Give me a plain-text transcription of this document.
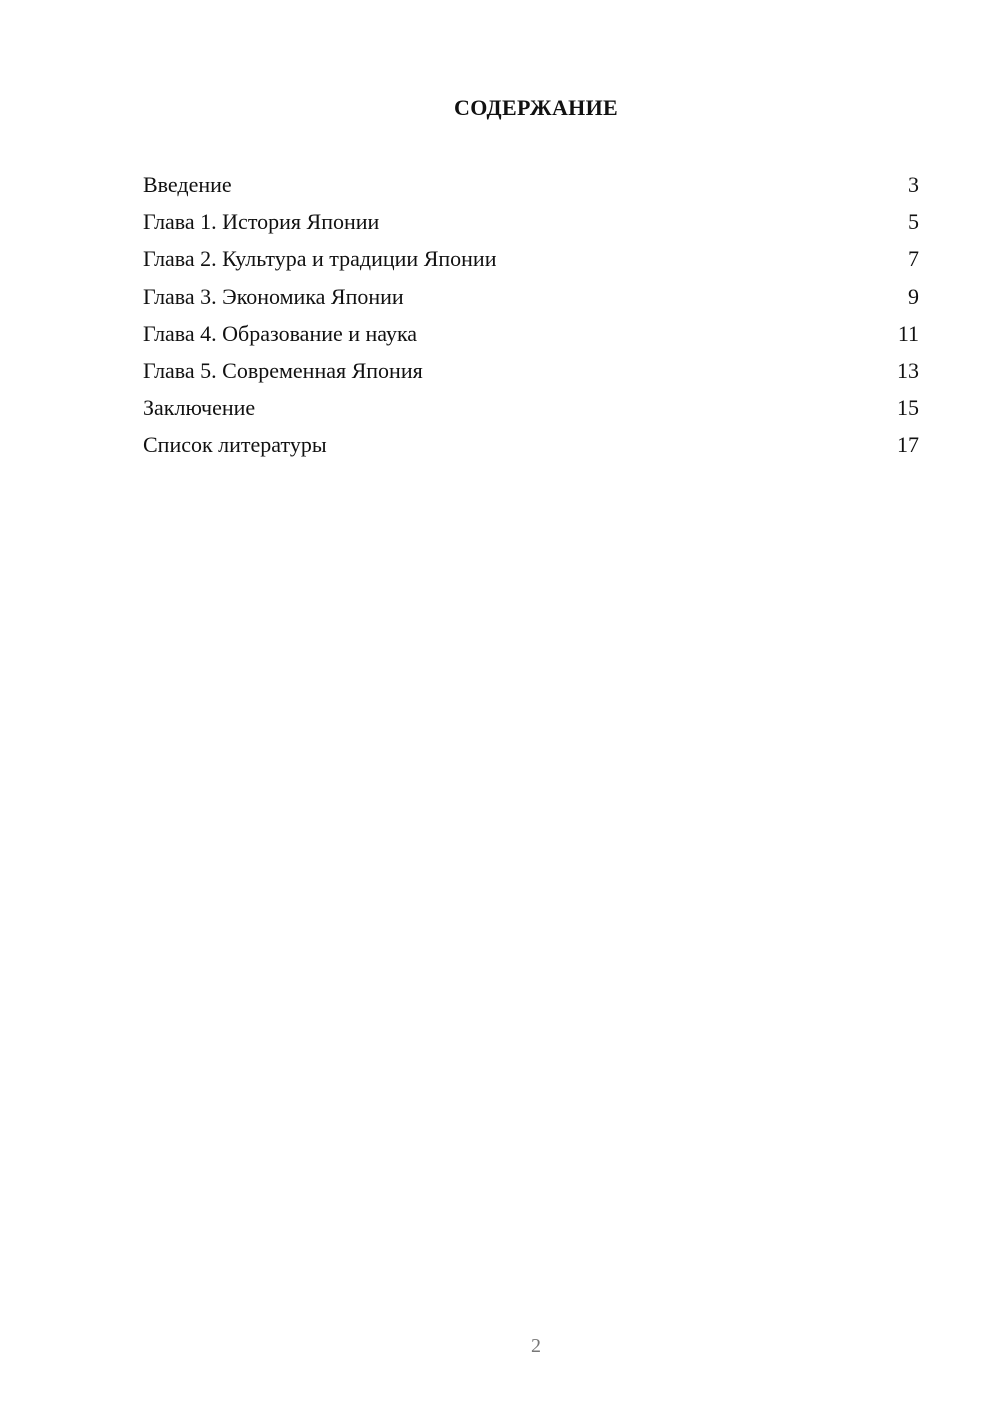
СОДЕРЖАНИЕ
Введение	3
Глава 1. История Японии	5
Глава 2. Культура и традиции Японии	7
Глава 3. Экономика Японии	9
Глава 4. Образование и наука	11
Глава 5. Современная Япония	13
Заключение	15
Список литературы	17
2
